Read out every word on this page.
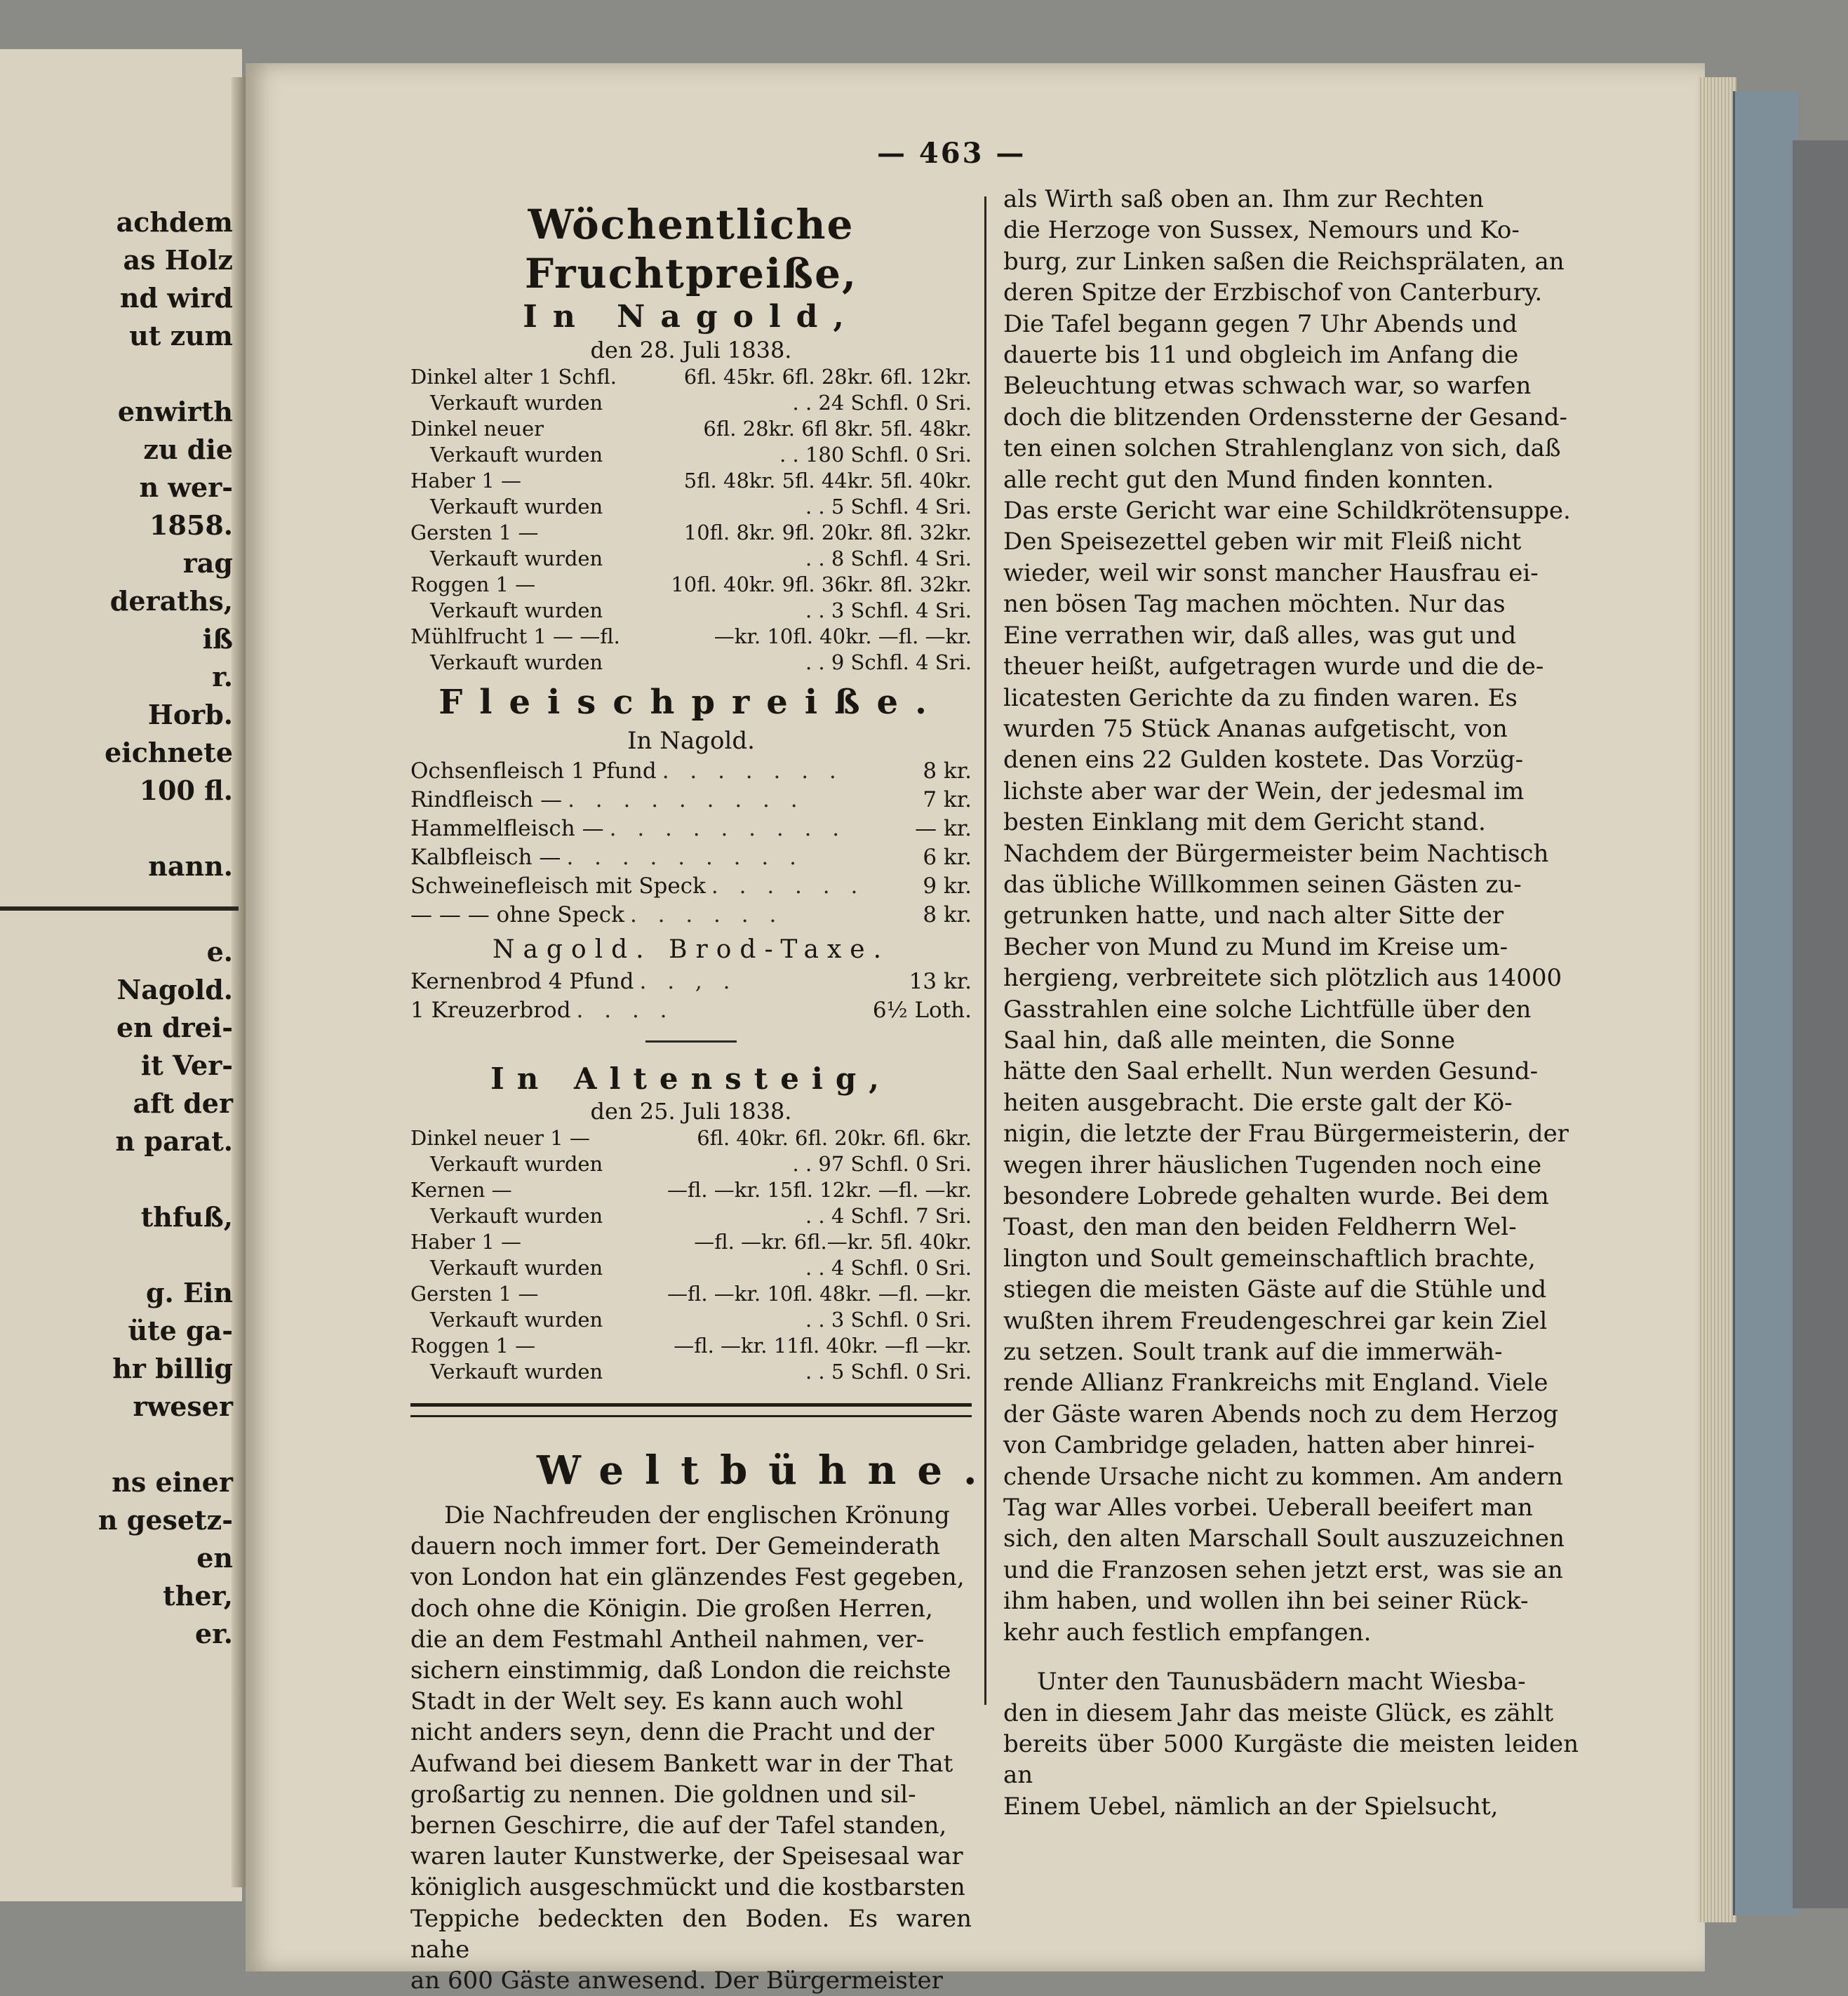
achdem
as Holz
nd wird
ut zum
enwirth
zu die
n wer-
1858.
rag
deraths,
iß
r.
Horb.
eichnete
100 fl.
nann.
e.
Nagold.
en drei-
it Ver-
aft der
n parat.
thfuß,
g. Ein
üte ga-
hr billig
rweser
ns einer
n gesetz-
en
ther,
er.
— 463 —
Wöchentliche Fruchtpreiße,
In Nagold,
den 28. Juli 1838.
Dinkel alter 1 Schfl.	6fl. 45kr. 6fl. 28kr. 6fl. 12kr.
Verkauft wurden	. . 24 Schfl. 0 Sri.
Dinkel neuer	6fl. 28kr. 6fl 8kr. 5fl. 48kr.
Verkauft wurden	. . 180 Schfl. 0 Sri.
Haber 1 —	5fl. 48kr. 5fl. 44kr. 5fl. 40kr.
Verkauft wurden	. . 5 Schfl. 4 Sri.
Gersten 1 —	10fl. 8kr. 9fl. 20kr. 8fl. 32kr.
Verkauft wurden	. . 8 Schfl. 4 Sri.
Roggen 1 —	10fl. 40kr. 9fl. 36kr. 8fl. 32kr.
Verkauft wurden	. . 3 Schfl. 4 Sri.
Mühlfrucht 1 — —fl.	—kr. 10fl. 40kr. —fl. —kr.
Verkauft wurden	. . 9 Schfl. 4 Sri.
Fleischpreiße.
In Nagold.
Ochsenfleisch 1 Pfund . . . . . . .	8 kr.
Rindfleisch — . . . . . . . . .	7 kr.
Hammelfleisch — . . . . . . . . .	— kr.
Kalbfleisch — . . . . . . . . .	6 kr.
Schweinefleisch mit Speck . . . . . .	9 kr.
— — — ohne Speck . . . . . .	8 kr.
Nagold. Brod-Taxe.
Kernenbrod 4 Pfund . . , .	13 kr.
1 Kreuzerbrod . . . .	6½ Loth.
In Altensteig,
den 25. Juli 1838.
Dinkel neuer 1 —	6fl. 40kr. 6fl. 20kr. 6fl. 6kr.
Verkauft wurden	. . 97 Schfl. 0 Sri.
Kernen —	—fl. —kr. 15fl. 12kr. —fl. —kr.
Verkauft wurden	. . 4 Schfl. 7 Sri.
Haber 1 —	—fl. —kr. 6fl.—kr. 5fl. 40kr.
Verkauft wurden	. . 4 Schfl. 0 Sri.
Gersten 1 —	—fl. —kr. 10fl. 48kr. —fl. —kr.
Verkauft wurden	. . 3 Schfl. 0 Sri.
Roggen 1 —	—fl. —kr. 11fl. 40kr. —fl —kr.
Verkauft wurden	. . 5 Schfl. 0 Sri.
Weltbühne.
Die Nachfreuden der englischen Krönung
dauern noch immer fort. Der Gemeinderath
von London hat ein glänzendes Fest gegeben,
doch ohne die Königin. Die großen Herren,
die an dem Festmahl Antheil nahmen, ver-
sichern einstimmig, daß London die reichste
Stadt in der Welt sey. Es kann auch wohl
nicht anders seyn, denn die Pracht und der
Aufwand bei diesem Bankett war in der That
großartig zu nennen. Die goldnen und sil-
bernen Geschirre, die auf der Tafel standen,
waren lauter Kunstwerke, der Speisesaal war
königlich ausgeschmückt und die kostbarsten
Teppiche bedeckten den Boden. Es waren nahe
an 600 Gäste anwesend. Der Bürgermeister
als Wirth saß oben an. Ihm zur Rechten
die Herzoge von Sussex, Nemours und Ko-
burg, zur Linken saßen die Reichsprälaten, an
deren Spitze der Erzbischof von Canterbury.
Die Tafel begann gegen 7 Uhr Abends und
dauerte bis 11 und obgleich im Anfang die
Beleuchtung etwas schwach war, so warfen
doch die blitzenden Ordenssterne der Gesand-
ten einen solchen Strahlenglanz von sich, daß
alle recht gut den Mund finden konnten.
Das erste Gericht war eine Schildkrötensuppe.
Den Speisezettel geben wir mit Fleiß nicht
wieder, weil wir sonst mancher Hausfrau ei-
nen bösen Tag machen möchten. Nur das
Eine verrathen wir, daß alles, was gut und
theuer heißt, aufgetragen wurde und die de-
licatesten Gerichte da zu finden waren. Es
wurden 75 Stück Ananas aufgetischt, von
denen eins 22 Gulden kostete. Das Vorzüg-
lichste aber war der Wein, der jedesmal im
besten Einklang mit dem Gericht stand.
Nachdem der Bürgermeister beim Nachtisch
das übliche Willkommen seinen Gästen zu-
getrunken hatte, und nach alter Sitte der
Becher von Mund zu Mund im Kreise um-
hergieng, verbreitete sich plötzlich aus 14000
Gasstrahlen eine solche Lichtfülle über den
Saal hin, daß alle meinten, die Sonne
hätte den Saal erhellt. Nun werden Gesund-
heiten ausgebracht. Die erste galt der Kö-
nigin, die letzte der Frau Bürgermeisterin, der
wegen ihrer häuslichen Tugenden noch eine
besondere Lobrede gehalten wurde. Bei dem
Toast, den man den beiden Feldherrn Wel-
lington und Soult gemeinschaftlich brachte,
stiegen die meisten Gäste auf die Stühle und
wußten ihrem Freudengeschrei gar kein Ziel
zu setzen. Soult trank auf die immerwäh-
rende Allianz Frankreichs mit England. Viele
der Gäste waren Abends noch zu dem Herzog
von Cambridge geladen, hatten aber hinrei-
chende Ursache nicht zu kommen. Am andern
Tag war Alles vorbei. Ueberall beeifert man
sich, den alten Marschall Soult auszuzeichnen
und die Franzosen sehen jetzt erst, was sie an
ihm haben, und wollen ihn bei seiner Rück-
kehr auch festlich empfangen.
Unter den Taunusbädern macht Wiesba-
den in diesem Jahr das meiste Glück, es zählt
bereits über 5000 Kurgäste die meisten leiden an
Einem Uebel, nämlich an der Spielsucht,
